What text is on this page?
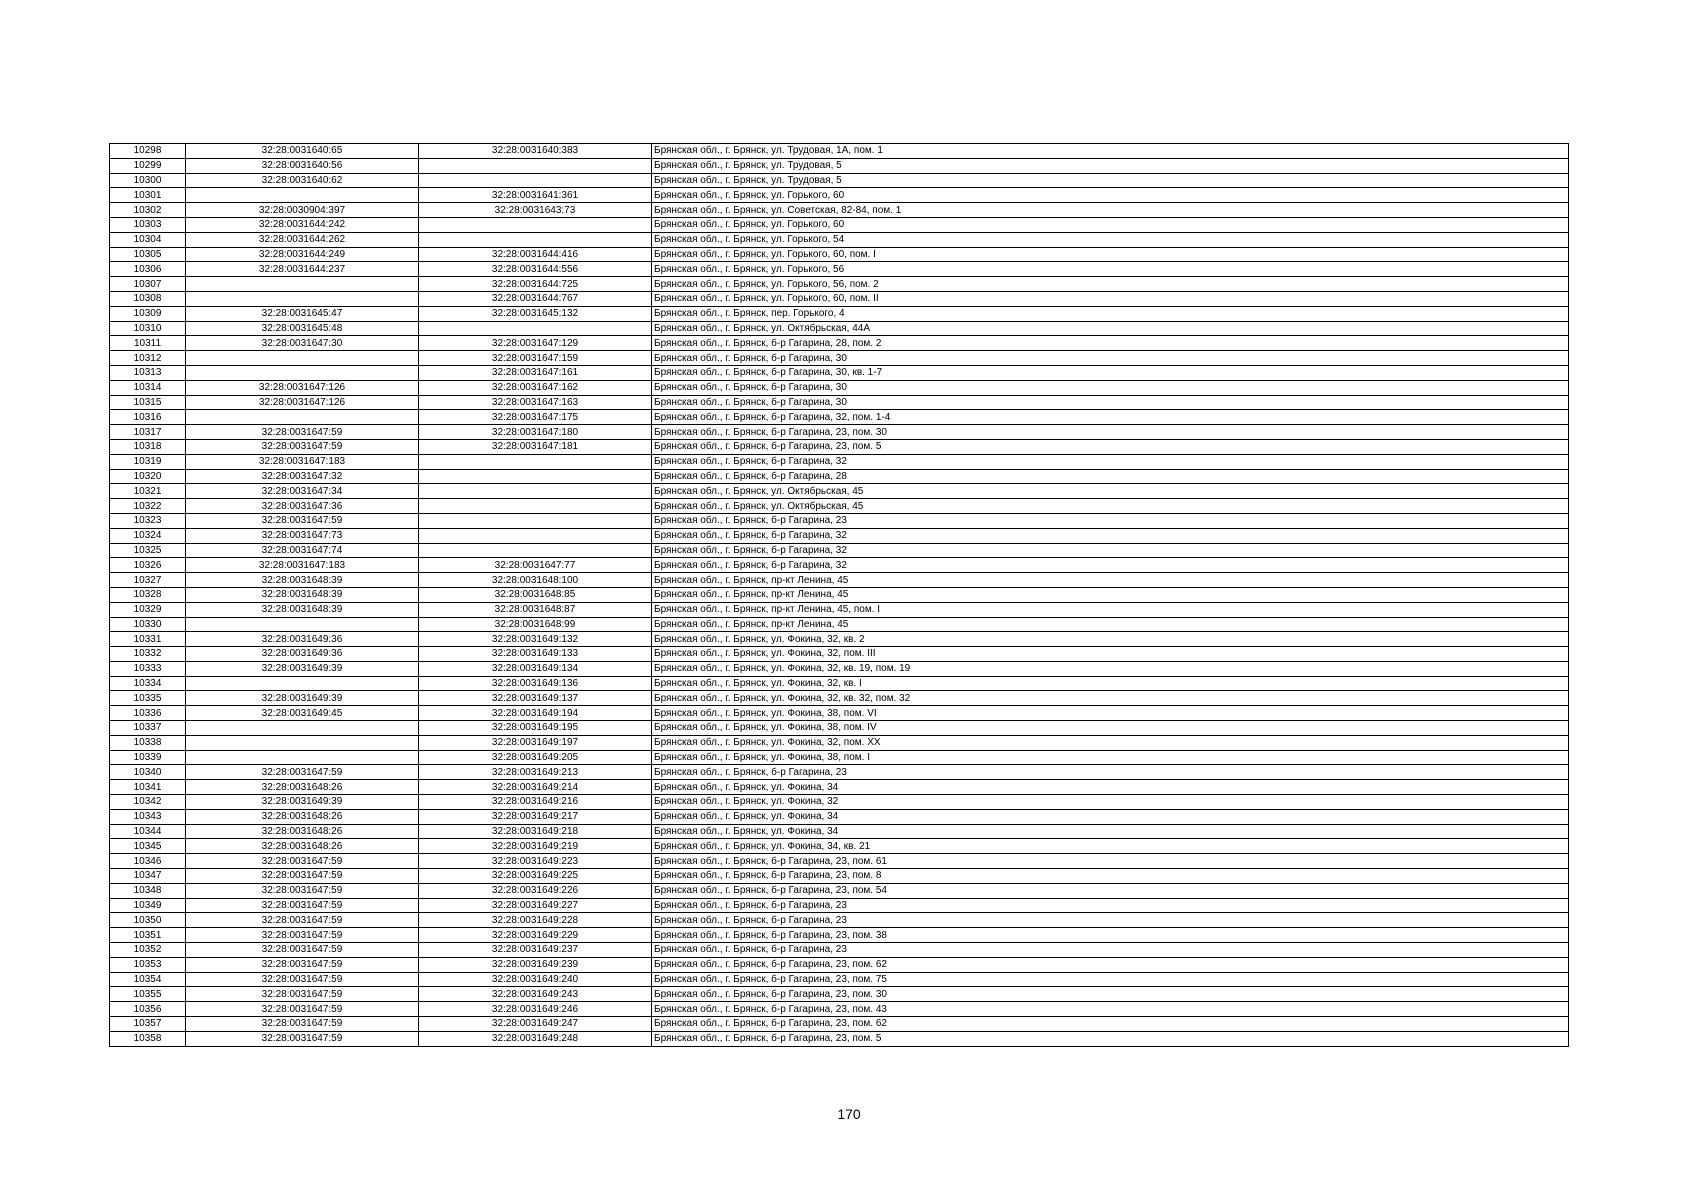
10298	32:28:0031640:65	32:28:0031640:383	Брянская обл., г. Брянск, ул. Трудовая, 1А, пом. 1
10299	32:28:0031640:56		Брянская обл., г. Брянск, ул. Трудовая, 5
10300	32:28:0031640:62		Брянская обл., г. Брянск, ул. Трудовая, 5
10301		32:28:0031641:361	Брянская обл., г. Брянск, ул. Горького, 60
10302	32:28:0030904:397	32:28:0031643:73	Брянская обл., г. Брянск, ул. Советская, 82-84, пом. 1
10303	32:28:0031644:242		Брянская обл., г. Брянск, ул. Горького, 60
10304	32:28:0031644:262		Брянская обл., г. Брянск, ул. Горького, 54
10305	32:28:0031644:249	32:28:0031644:416	Брянская обл., г. Брянск, ул. Горького, 60, пом. I
10306	32:28:0031644:237	32:28:0031644:556	Брянская обл., г. Брянск, ул. Горького, 56
10307		32:28:0031644:725	Брянская обл., г. Брянск, ул. Горького, 56, пом. 2
10308		32:28:0031644:767	Брянская обл., г. Брянск, ул. Горького, 60, пом. II
10309	32:28:0031645:47	32:28:0031645:132	Брянская обл., г. Брянск, пер. Горького, 4
10310	32:28:0031645:48		Брянская обл., г. Брянск, ул. Октябрьская, 44А
10311	32:28:0031647:30	32:28:0031647:129	Брянская обл., г. Брянск, б-р Гагарина, 28, пом. 2
10312		32:28:0031647:159	Брянская обл., г. Брянск, б-р Гагарина, 30
10313		32:28:0031647:161	Брянская обл., г. Брянск, б-р Гагарина, 30, кв. 1-7
10314	32:28:0031647:126	32:28:0031647:162	Брянская обл., г. Брянск, б-р Гагарина, 30
10315	32:28:0031647:126	32:28:0031647:163	Брянская обл., г. Брянск, б-р Гагарина, 30
10316		32:28:0031647:175	Брянская обл., г. Брянск, б-р Гагарина, 32, пом. 1-4
10317	32:28:0031647:59	32:28:0031647:180	Брянская обл., г. Брянск, б-р Гагарина, 23, пом. 30
10318	32:28:0031647:59	32:28:0031647:181	Брянская обл., г. Брянск, б-р Гагарина, 23, пом. 5
10319	32:28:0031647:183		Брянская обл., г. Брянск, б-р Гагарина, 32
10320	32:28:0031647:32		Брянская обл., г. Брянск, б-р Гагарина, 28
10321	32:28:0031647:34		Брянская обл., г. Брянск, ул. Октябрьская, 45
10322	32:28:0031647:36		Брянская обл., г. Брянск, ул. Октябрьская, 45
10323	32:28:0031647:59		Брянская обл., г. Брянск, б-р Гагарина, 23
10324	32:28:0031647:73		Брянская обл., г. Брянск, б-р Гагарина, 32
10325	32:28:0031647:74		Брянская обл., г. Брянск, б-р Гагарина, 32
10326	32:28:0031647:183	32:28:0031647:77	Брянская обл., г. Брянск, б-р Гагарина, 32
10327	32:28:0031648:39	32:28:0031648:100	Брянская обл., г. Брянск, пр-кт Ленина, 45
10328	32:28:0031648:39	32:28:0031648:85	Брянская обл., г. Брянск, пр-кт Ленина, 45
10329	32:28:0031648:39	32:28:0031648:87	Брянская обл., г. Брянск, пр-кт Ленина, 45, пом. I
10330		32:28:0031648:99	Брянская обл., г. Брянск, пр-кт Ленина, 45
10331	32:28:0031649:36	32:28:0031649:132	Брянская обл., г. Брянск, ул. Фокина, 32, кв. 2
10332	32:28:0031649:36	32:28:0031649:133	Брянская обл., г. Брянск, ул. Фокина, 32, пом. III
10333	32:28:0031649:39	32:28:0031649:134	Брянская обл., г. Брянск, ул. Фокина, 32, кв. 19, пом. 19
10334		32:28:0031649:136	Брянская обл., г. Брянск, ул. Фокина, 32, кв. I
10335	32:28:0031649:39	32:28:0031649:137	Брянская обл., г. Брянск, ул. Фокина, 32, кв. 32, пом. 32
10336	32:28:0031649:45	32:28:0031649:194	Брянская обл., г. Брянск, ул. Фокина, 38, пом. VI
10337		32:28:0031649:195	Брянская обл., г. Брянск, ул. Фокина, 38, пом. IV
10338		32:28:0031649:197	Брянская обл., г. Брянск, ул. Фокина, 32, пом. XX
10339		32:28:0031649:205	Брянская обл., г. Брянск, ул. Фокина, 38, пом. I
10340	32:28:0031647:59	32:28:0031649:213	Брянская обл., г. Брянск, б-р Гагарина, 23
10341	32:28:0031648:26	32:28:0031649:214	Брянская обл., г. Брянск, ул. Фокина, 34
10342	32:28:0031649:39	32:28:0031649:216	Брянская обл., г. Брянск, ул. Фокина, 32
10343	32:28:0031648:26	32:28:0031649:217	Брянская обл., г. Брянск, ул. Фокина, 34
10344	32:28:0031648:26	32:28:0031649:218	Брянская обл., г. Брянск, ул. Фокина, 34
10345	32:28:0031648:26	32:28:0031649:219	Брянская обл., г. Брянск, ул. Фокина, 34, кв. 21
10346	32:28:0031647:59	32:28:0031649:223	Брянская обл., г. Брянск, б-р Гагарина, 23, пом. 61
10347	32:28:0031647:59	32:28:0031649:225	Брянская обл., г. Брянск, б-р Гагарина, 23, пом. 8
10348	32:28:0031647:59	32:28:0031649:226	Брянская обл., г. Брянск, б-р Гагарина, 23, пом. 54
10349	32:28:0031647:59	32:28:0031649:227	Брянская обл., г. Брянск, б-р Гагарина, 23
10350	32:28:0031647:59	32:28:0031649:228	Брянская обл., г. Брянск, б-р Гагарина, 23
10351	32:28:0031647:59	32:28:0031649:229	Брянская обл., г. Брянск, б-р Гагарина, 23, пом. 38
10352	32:28:0031647:59	32:28:0031649:237	Брянская обл., г. Брянск, б-р Гагарина, 23
10353	32:28:0031647:59	32:28:0031649:239	Брянская обл., г. Брянск, б-р Гагарина, 23, пом. 62
10354	32:28:0031647:59	32:28:0031649:240	Брянская обл., г. Брянск, б-р Гагарина, 23, пом. 75
10355	32:28:0031647:59	32:28:0031649:243	Брянская обл., г. Брянск, б-р Гагарина, 23, пом. 30
10356	32:28:0031647:59	32:28:0031649:246	Брянская обл., г. Брянск, б-р Гагарина, 23, пом. 43
10357	32:28:0031647:59	32:28:0031649:247	Брянская обл., г. Брянск, б-р Гагарина, 23, пом. 62
10358	32:28:0031647:59	32:28:0031649:248	Брянская обл., г. Брянск, б-р Гагарина, 23, пом. 5
170
